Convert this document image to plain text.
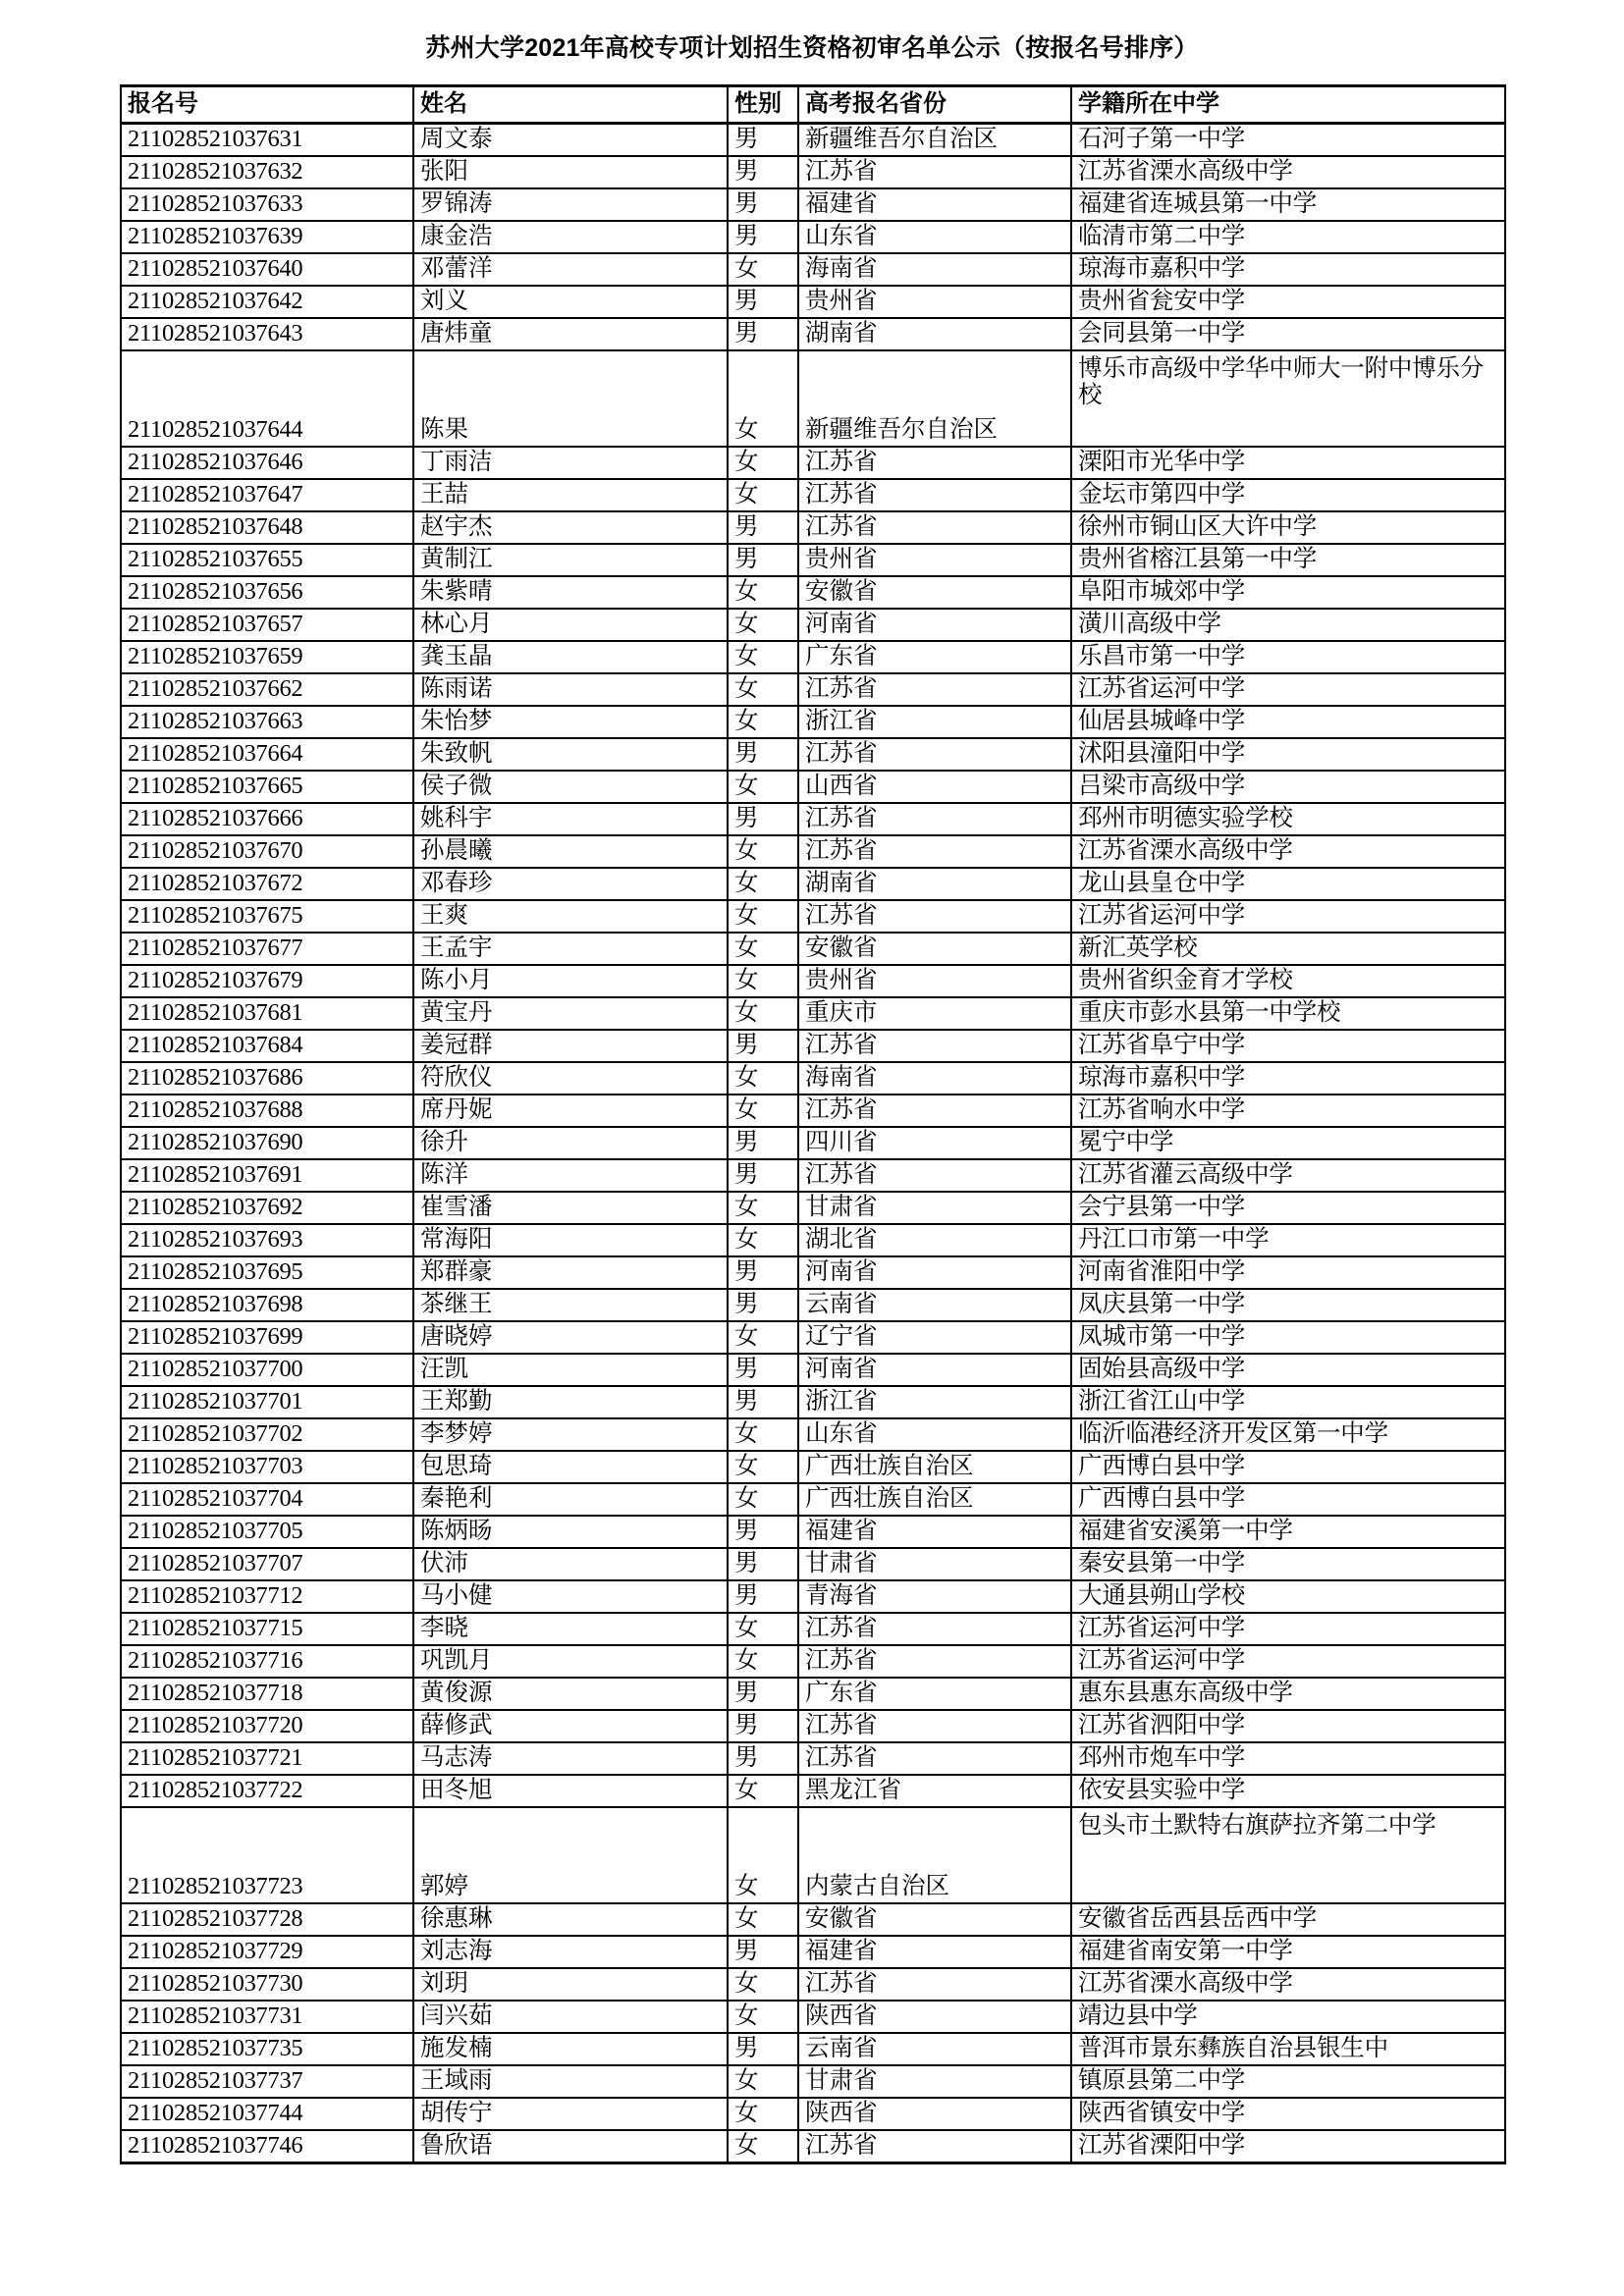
苏州大学2021年高校专项计划招生资格初审名单公示（按报名号排序）
报名号	姓名	性别	高考报名省份	学籍所在中学
211028521037631	周文泰	男	新疆维吾尔自治区	石河子第一中学
211028521037632	张阳	男	江苏省	江苏省溧水高级中学
211028521037633	罗锦涛	男	福建省	福建省连城县第一中学
211028521037639	康金浩	男	山东省	临清市第二中学
211028521037640	邓蕾洋	女	海南省	琼海市嘉积中学
211028521037642	刘义	男	贵州省	贵州省瓮安中学
211028521037643	唐炜童	男	湖南省	会同县第一中学
211028521037644	陈果	女	新疆维吾尔自治区	博乐市高级中学华中师大一附中博乐分校
211028521037646	丁雨洁	女	江苏省	溧阳市光华中学
211028521037647	王喆	女	江苏省	金坛市第四中学
211028521037648	赵宇杰	男	江苏省	徐州市铜山区大许中学
211028521037655	黄制江	男	贵州省	贵州省榕江县第一中学
211028521037656	朱紫晴	女	安徽省	阜阳市城郊中学
211028521037657	林心月	女	河南省	潢川高级中学
211028521037659	龚玉晶	女	广东省	乐昌市第一中学
211028521037662	陈雨诺	女	江苏省	江苏省运河中学
211028521037663	朱怡梦	女	浙江省	仙居县城峰中学
211028521037664	朱致帆	男	江苏省	沭阳县潼阳中学
211028521037665	侯子微	女	山西省	吕梁市高级中学
211028521037666	姚科宇	男	江苏省	邳州市明德实验学校
211028521037670	孙晨曦	女	江苏省	江苏省溧水高级中学
211028521037672	邓春珍	女	湖南省	龙山县皇仓中学
211028521037675	王爽	女	江苏省	江苏省运河中学
211028521037677	王孟宇	女	安徽省	新汇英学校
211028521037679	陈小月	女	贵州省	贵州省织金育才学校
211028521037681	黄宝丹	女	重庆市	重庆市彭水县第一中学校
211028521037684	姜冠群	男	江苏省	江苏省阜宁中学
211028521037686	符欣仪	女	海南省	琼海市嘉积中学
211028521037688	席丹妮	女	江苏省	江苏省响水中学
211028521037690	徐升	男	四川省	冕宁中学
211028521037691	陈洋	男	江苏省	江苏省灌云高级中学
211028521037692	崔雪潘	女	甘肃省	会宁县第一中学
211028521037693	常海阳	女	湖北省	丹江口市第一中学
211028521037695	郑群豪	男	河南省	河南省淮阳中学
211028521037698	茶继王	男	云南省	凤庆县第一中学
211028521037699	唐晓婷	女	辽宁省	凤城市第一中学
211028521037700	汪凯	男	河南省	固始县高级中学
211028521037701	王郑勤	男	浙江省	浙江省江山中学
211028521037702	李梦婷	女	山东省	临沂临港经济开发区第一中学
211028521037703	包思琦	女	广西壮族自治区	广西博白县中学
211028521037704	秦艳利	女	广西壮族自治区	广西博白县中学
211028521037705	陈炳旸	男	福建省	福建省安溪第一中学
211028521037707	伏沛	男	甘肃省	秦安县第一中学
211028521037712	马小健	男	青海省	大通县朔山学校
211028521037715	李晓	女	江苏省	江苏省运河中学
211028521037716	巩凯月	女	江苏省	江苏省运河中学
211028521037718	黄俊源	男	广东省	惠东县惠东高级中学
211028521037720	薛修武	男	江苏省	江苏省泗阳中学
211028521037721	马志涛	男	江苏省	邳州市炮车中学
211028521037722	田冬旭	女	黑龙江省	依安县实验中学
211028521037723	郭婷	女	内蒙古自治区	包头市土默特右旗萨拉齐第二中学
211028521037728	徐惠琳	女	安徽省	安徽省岳西县岳西中学
211028521037729	刘志海	男	福建省	福建省南安第一中学
211028521037730	刘玥	女	江苏省	江苏省溧水高级中学
211028521037731	闫兴茹	女	陕西省	靖边县中学
211028521037735	施发楠	男	云南省	普洱市景东彝族自治县银生中
211028521037737	王域雨	女	甘肃省	镇原县第二中学
211028521037744	胡传宁	女	陕西省	陕西省镇安中学
211028521037746	鲁欣语	女	江苏省	江苏省溧阳中学
